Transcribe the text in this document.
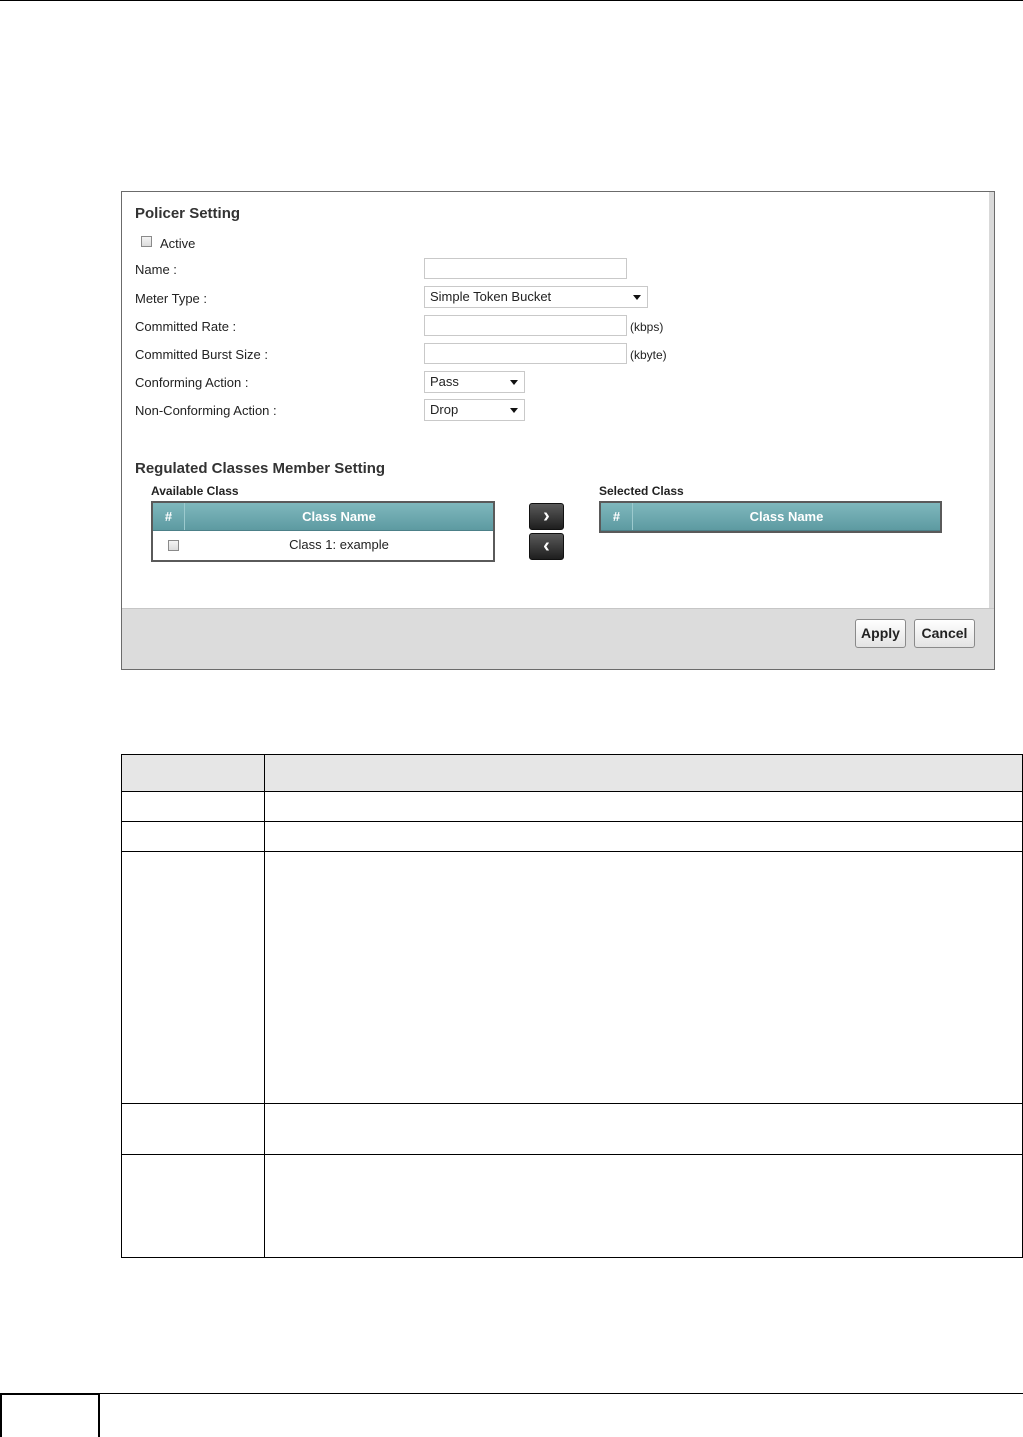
Policer Setting
Active
Name :
Meter Type :	Simple Token Bucket
Committed Rate :	(kbps)
Committed Burst Size :	(kbyte)
Conforming Action :	Pass
Non-Conforming Action :	Drop
Regulated Classes Member Setting
Available Class
#	Class Name
Class 1: example
›
‹
Selected Class
#	Class Name
Apply	Cancel
